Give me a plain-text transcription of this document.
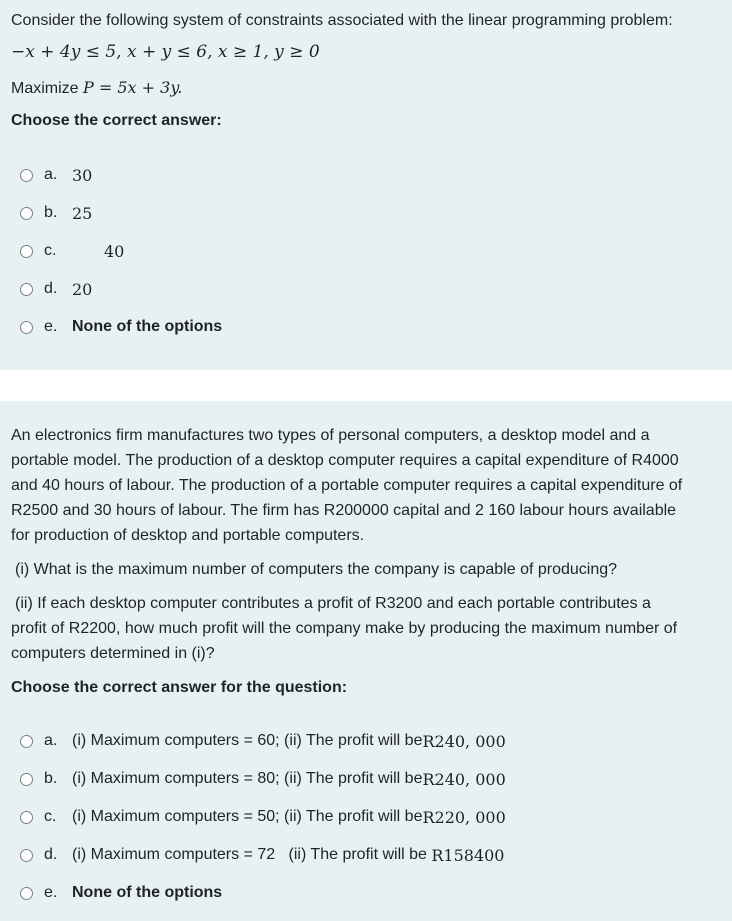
Consider the following system of constraints associated with the linear programming problem:

−x + 4y ≤ 5, x + y ≤ 6, x ≥ 1, y ≥ 0

Maximize P = 5x + 3y.

Choose the correct answer:

a. 30
b. 25
c.	40
d. 20
e. None of the options

An electronics firm manufactures two types of personal computers, a desktop model and a

portable model. The production of a desktop computer requires a capital expenditure of R4000

and 40 hours of labour. The production of a portable computer requires a capital expenditure of

R2500 and 30 hours of labour. The firm has R200000 capital and 2 160 labour hours available

for production of desktop and portable computers.

(i) What is the maximum number of computers the company is capable of producing?

(ii) If each desktop computer contributes a profit of R3200 and each portable contributes a

profit of R2200, how much profit will the company make by producing the maximum number of

computers determined in (i)?

Choose the correct answer for the question:

a. (i) Maximum computers = 60; (ii) The profit will be R240, 000
b. (i) Maximum computers = 80; (ii) The profit will be R240, 000
c. (i) Maximum computers = 50; (ii) The profit will be R220, 000
d. (i) Maximum computers = 72   (ii) The profit will be R158400
e. None of the options
